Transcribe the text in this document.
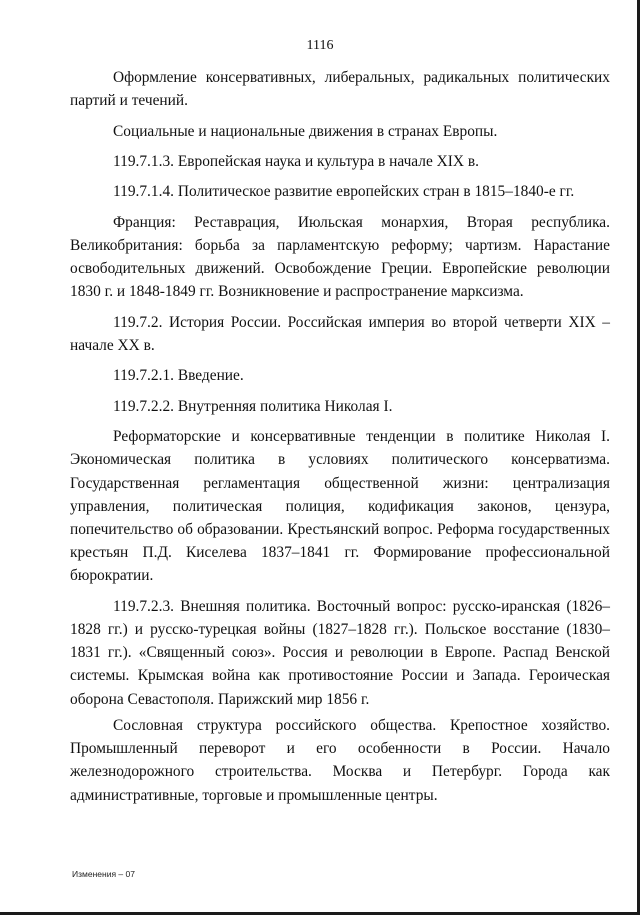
1116

Оформление консервативных, либеральных, радикальных политических партий и течений.

Социальные и национальные движения в странах Европы.

119.7.1.3. Европейская наука и культура в начале XIX в.

119.7.1.4. Политическое развитие европейских стран в 1815–1840-е гг.

Франция: Реставрация, Июльская монархия, Вторая республика. Великобритания: борьба за парламентскую реформу; чартизм. Нарастание освободительных движений. Освобождение Греции. Европейские революции 1830 г. и 1848-1849 гг. Возникновение и распространение марксизма.

119.7.2. История России. Российская империя во второй четверти XIX – начале XX в.

119.7.2.1. Введение.

119.7.2.2. Внутренняя политика Николая I.

Реформаторские и консервативные тенденции в политике Николая I. Экономическая политика в условиях политического консерватизма. Государственная регламентация общественной жизни: централизация управления, политическая полиция, кодификация законов, цензура, попечительство об образовании. Крестьянский вопрос. Реформа государственных крестьян П.Д. Киселева 1837–1841 гг. Формирование профессиональной бюрократии.

119.7.2.3. Внешняя политика. Восточный вопрос: русско-иранская (1826–1828 гг.) и русско-турецкая войны (1827–1828 гг.). Польское восстание (1830–1831 гг.). «Священный союз». Россия и революции в Европе. Распад Венской системы. Крымская война как противостояние России и Запада. Героическая оборона Севастополя. Парижский мир 1856 г.

Сословная структура российского общества. Крепостное хозяйство. Промышленный переворот и его особенности в России. Начало железнодорожного строительства. Москва и Петербург. Города как административные, торговые и промышленные центры.

Изменения – 07
